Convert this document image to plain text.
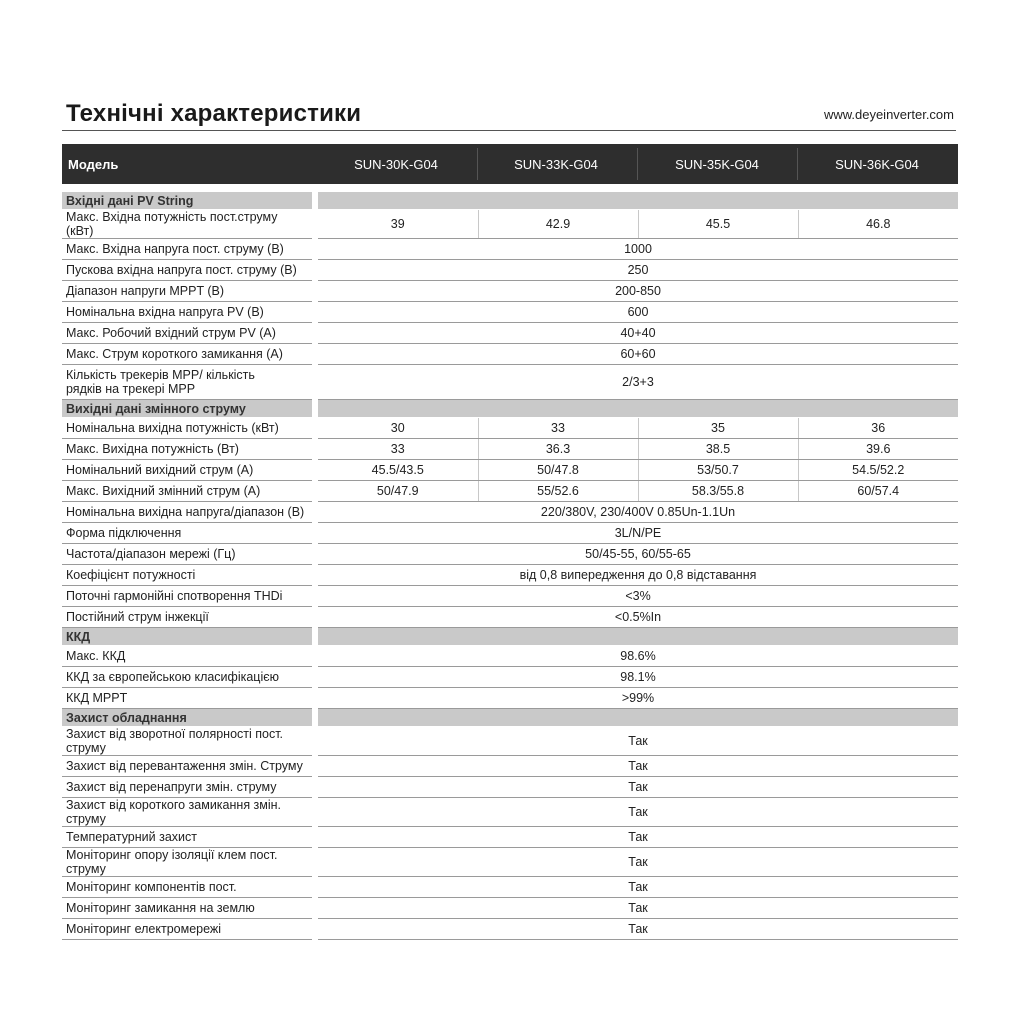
Технічні характеристики	www.deyeinverter.com
Модель	SUN-30K-G04	SUN-33K-G04	SUN-35K-G04	SUN-36K-G04
Вхідні дані PV String					
Макс. Вхідна потужність пост.струму (кВт)		39	42.9	45.5	46.8
Макс. Вхідна напруга пост. струму (В)		1000			
Пускова вхідна напруга пост. струму (В)		250			
Діапазон напруги MPPT (В)		200-850			
Номінальна вхідна напруга PV (В)		600			
Макс. Робочий вхідний струм PV (A)		40+40			
Макс. Струм короткого замикання (A)		60+60			

Кількість трекерів MPP/ кількість
рядків на трекері MPP		2/3+3			
Вихідні дані змінного струму					
Номінальна вихідна потужність (кВт)		30	33	35	36
Макс. Вихідна потужність (Вт)		33	36.3	38.5	39.6
Номінальний вихідний струм (A)		45.5/43.5	50/47.8	53/50.7	54.5/52.2
Макс. Вихідний змінний струм (A)		50/47.9	55/52.6	58.3/55.8	60/57.4
Номінальна вихідна напруга/діапазон (В)		220/380V, 230/400V 0.85Un-1.1Un			
Форма підключення		3L/N/PE			
Частота/діапазон мережі (Гц)		50/45-55, 60/55-65			
Коефіцієнт потужності		від 0,8 випередження до 0,8 відставання			
Поточні гармонійні спотворення THDi		<3%			
Постійний струм інжекції		<0.5%In			
ККД					
Макс. ККД		98.6%			
ККД за європейською класифікацією		98.1%			
ККД MPPT		>99%			
Захист обладнання					
Захист від зворотної полярності пост. струму		Так			
Захист від перевантаження змін. Струму		Так			
Захист від перенапруги змін. струму		Так			
Захист від короткого замикання змін. струму		Так			
Температурний захист		Так			
Моніторинг опору ізоляції клем пост. струму		Так			
Моніторинг компонентів пост.		Так			
Моніторинг замикання на землю		Так			
Моніторинг електромережі		Так			
